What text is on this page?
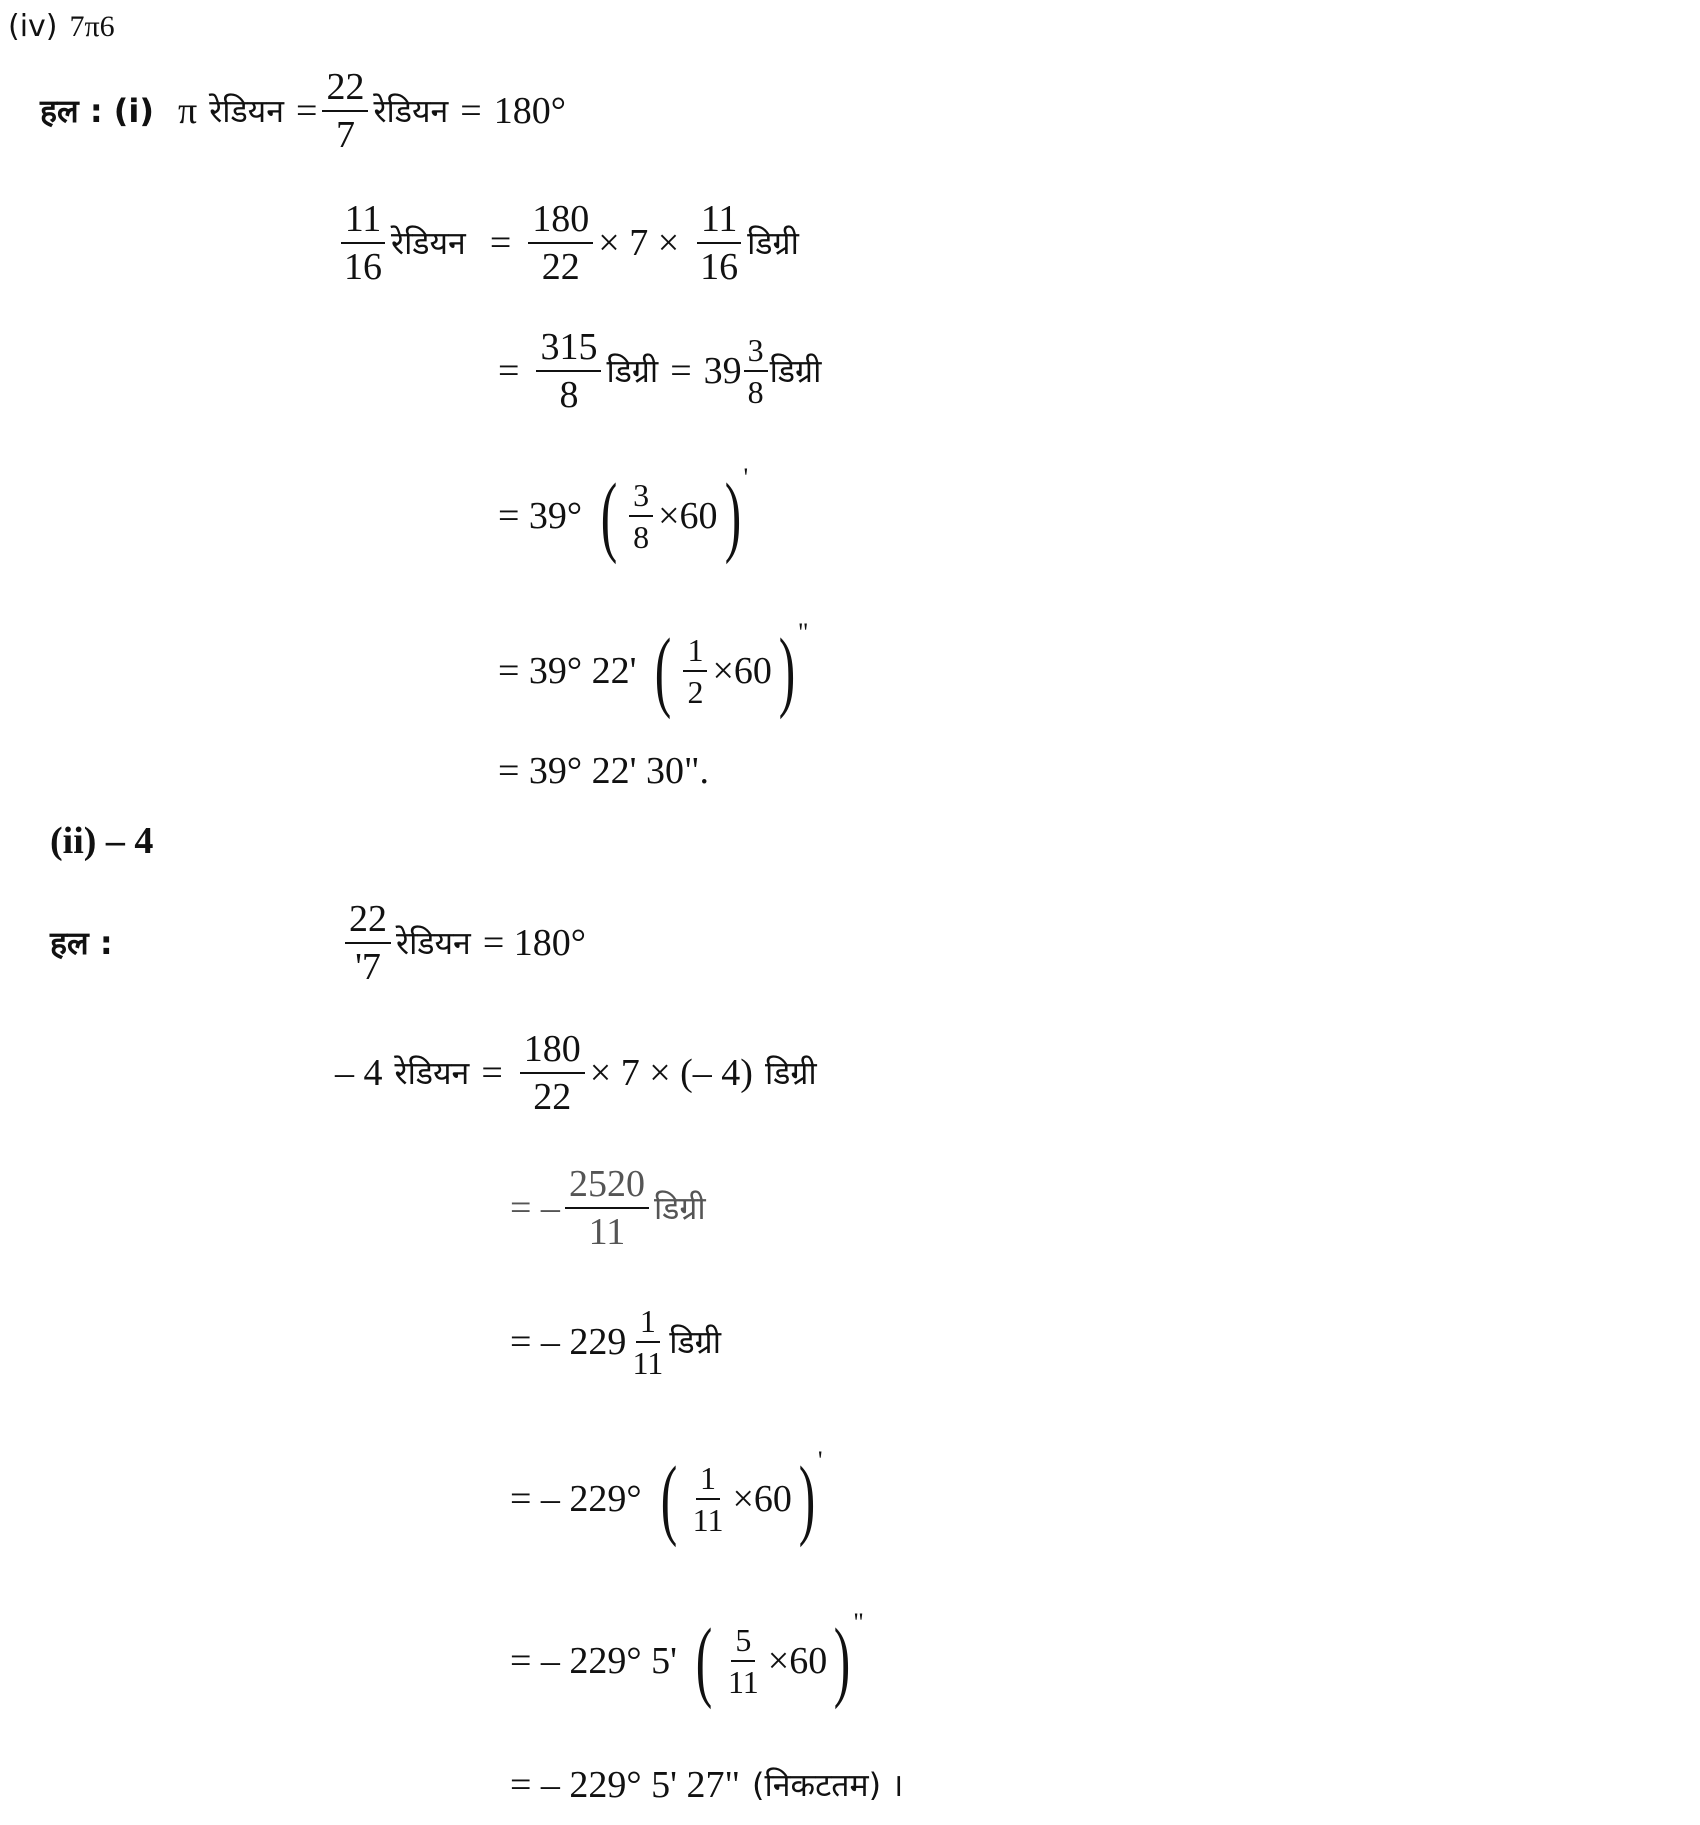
(iv) 7π6
हल : (i) π रेडियन = $\frac{22}{7}$ रेडियन = 180°
$\frac{11}{16}$ रेडियन = $\frac{180}{22} \times 7 \times \frac{11}{16}$ डिग्री
= $\frac{315}{8}$ डिग्री = $39 \frac{3}{8}$ डिग्री
= 39° ( $\frac{3}{8} \times 60$ ) '
= 39° 22' ( $\frac{1}{2} \times 60$ ) "
= 39° 22' 30".
(ii) – 4
हल :	$\frac{22}{'7}$ रेडियन = 180°
– 4 रेडियन = $\frac{180}{22} \times 7$ × (– 4) डिग्री
= – $\frac{2520}{11}$ डिग्री
= – $229 \frac{1}{11}$ डिग्री
= – 229° ( $\frac{1}{11} \times 60$ ) '
= – 229° 5' ( $\frac{5}{11} \times 60$ ) "
= – 229° 5' 27" (निकटतम) ।
